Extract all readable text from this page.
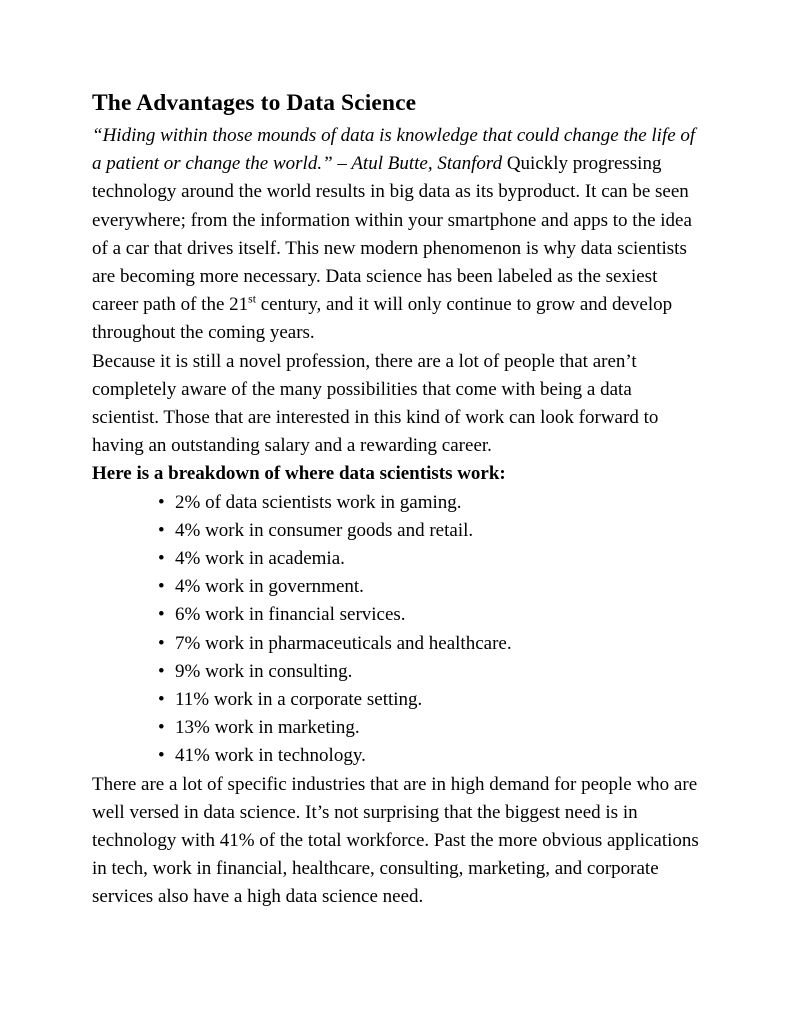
The Advantages to Data Science

“Hiding within those mounds of data is knowledge that could change the life of a patient or change the world.” – Atul Butte, Stanford Quickly progressing technology around the world results in big data as its byproduct. It can be seen everywhere; from the information within your smartphone and apps to the idea of a car that drives itself. This new modern phenomenon is why data scientists are becoming more necessary. Data science has been labeled as the sexiest career path of the 21st century, and it will only continue to grow and develop throughout the coming years.

Because it is still a novel profession, there are a lot of people that aren’t completely aware of the many possibilities that come with being a data scientist. Those that are interested in this kind of work can look forward to having an outstanding salary and a rewarding career.

Here is a breakdown of where data scientists work:

• 2% of data scientists work in gaming.
• 4% work in consumer goods and retail.
• 4% work in academia.
• 4% work in government.
• 6% work in financial services.
• 7% work in pharmaceuticals and healthcare.
• 9% work in consulting.
• 11% work in a corporate setting.
• 13% work in marketing.
• 41% work in technology.

There are a lot of specific industries that are in high demand for people who are well versed in data science. It’s not surprising that the biggest need is in technology with 41% of the total workforce. Past the more obvious applications in tech, work in financial, healthcare, consulting, marketing, and corporate services also have a high data science need.
